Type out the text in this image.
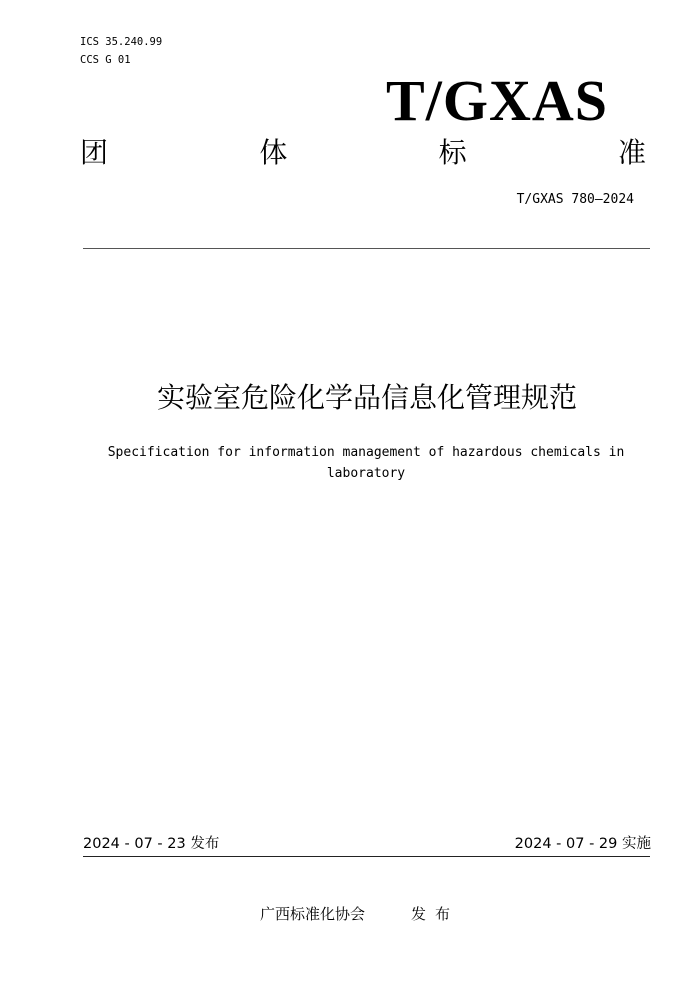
ICS 35.240.99
CCS G 01
T/GXAS
团	体	标	准
T/GXAS 780—2024
实验室危险化学品信息化管理规范
Specification for information management of hazardous chemicals in
laboratory
2024 - 07 - 23 发布	2024 - 07 - 29 实施
广西标准化协会	发布
